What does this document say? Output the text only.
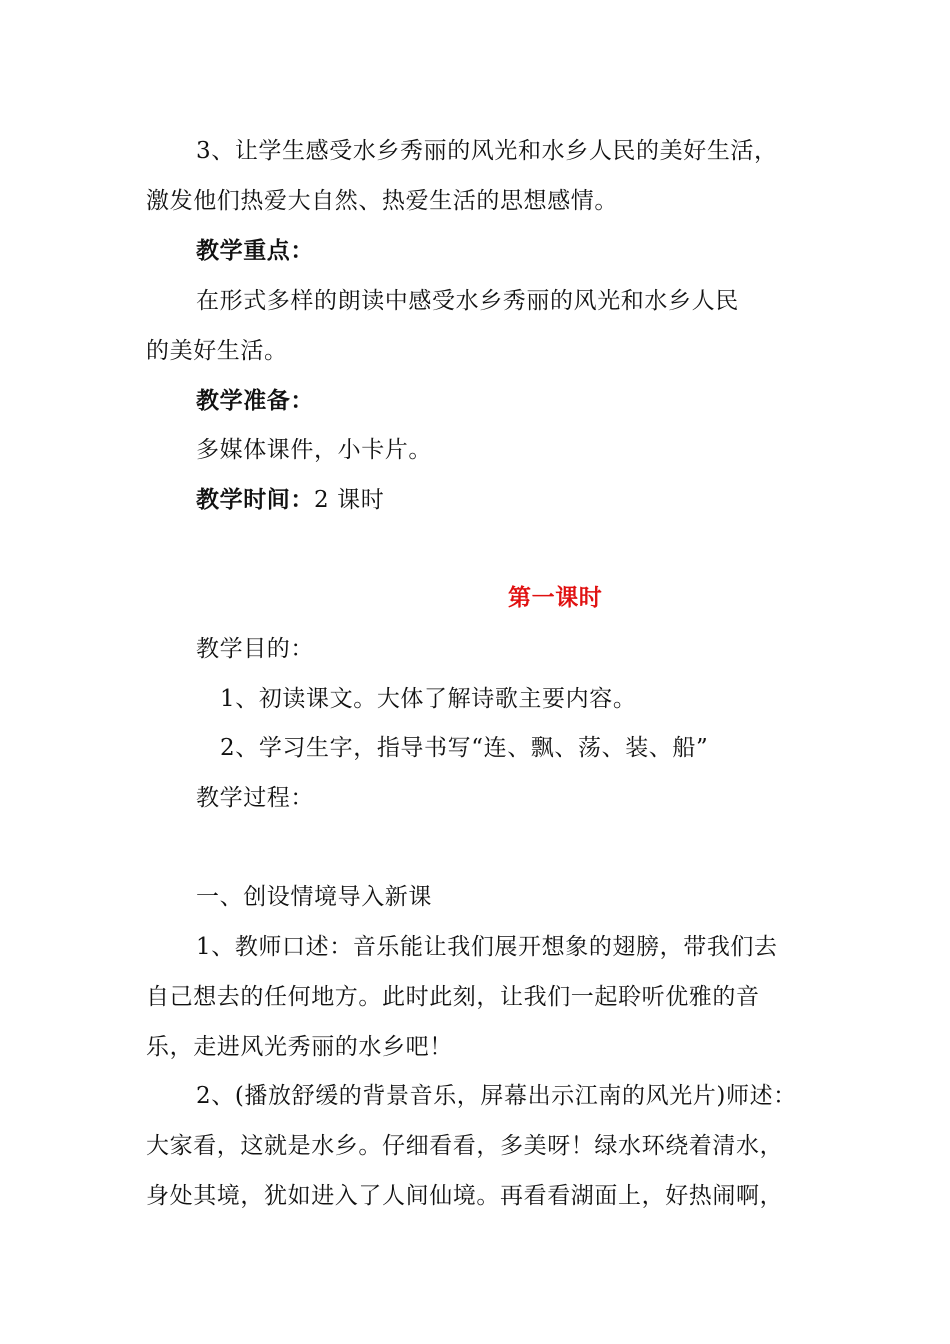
3、让学生感受水乡秀丽的风光和水乡人民的美好生活，
激发他们热爱大自然、热爱生活的思想感情。
教学重点：
在形式多样的朗读中感受水乡秀丽的风光和水乡人民
的美好生活。
教学准备：
多媒体课件，小卡片。
教学时间：2 课时
第一课时
教学目的：
1、初读课文。大体了解诗歌主要内容。
2、学习生字，指导书写“连、飘、荡、装、船”
教学过程：
一、创设情境导入新课
1、教师口述：音乐能让我们展开想象的翅膀，带我们去
自己想去的任何地方。此时此刻，让我们一起聆听优雅的音
乐，走进风光秀丽的水乡吧！
2、(播放舒缓的背景音乐，屏幕出示江南的风光片)师述：
大家看，这就是水乡。仔细看看，多美呀！绿水环绕着清水，
身处其境，犹如进入了人间仙境。再看看湖面上，好热闹啊，
